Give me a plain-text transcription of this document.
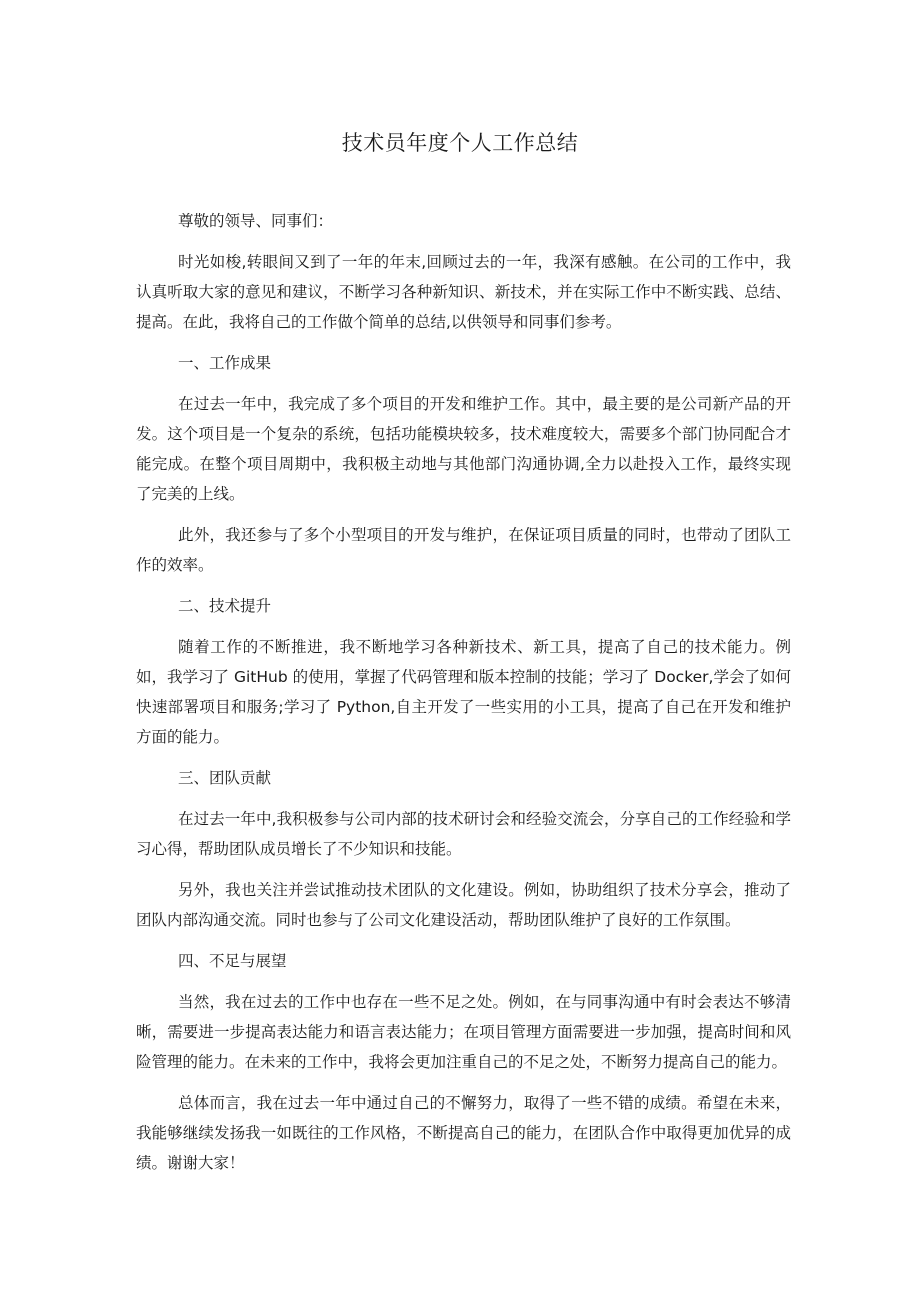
技术员年度个人工作总结

尊敬的领导、同事们：

时光如梭,转眼间又到了一年的年末,回顾过去的一年，我深有感触。在公司的工作中，我认真听取大家的意见和建议，不断学习各种新知识、新技术，并在实际工作中不断实践、总结、提高。在此，我将自己的工作做个简单的总结,以供领导和同事们参考。

一、工作成果

在过去一年中，我完成了多个项目的开发和维护工作。其中，最主要的是公司新产品的开发。这个项目是一个复杂的系统，包括功能模块较多，技术难度较大，需要多个部门协同配合才能完成。在整个项目周期中，我积极主动地与其他部门沟通协调,全力以赴投入工作，最终实现了完美的上线。

此外，我还参与了多个小型项目的开发与维护，在保证项目质量的同时，也带动了团队工作的效率。

二、技术提升

随着工作的不断推进，我不断地学习各种新技术、新工具，提高了自己的技术能力。例如，我学习了 GitHub 的使用，掌握了代码管理和版本控制的技能；学习了 Docker,学会了如何快速部署项目和服务;学习了 Python,自主开发了一些实用的小工具，提高了自己在开发和维护方面的能力。

三、团队贡献

在过去一年中,我积极参与公司内部的技术研讨会和经验交流会，分享自己的工作经验和学习心得，帮助团队成员增长了不少知识和技能。

另外，我也关注并尝试推动技术团队的文化建设。例如，协助组织了技术分享会，推动了团队内部沟通交流。同时也参与了公司文化建设活动，帮助团队维护了良好的工作氛围。

四、不足与展望

当然，我在过去的工作中也存在一些不足之处。例如，在与同事沟通中有时会表达不够清晰，需要进一步提高表达能力和语言表达能力；在项目管理方面需要进一步加强，提高时间和风险管理的能力。在未来的工作中，我将会更加注重自己的不足之处，不断努力提高自己的能力。

总体而言，我在过去一年中通过自己的不懈努力，取得了一些不错的成绩。希望在未来，我能够继续发扬我一如既往的工作风格，不断提高自己的能力，在团队合作中取得更加优异的成绩。谢谢大家！
